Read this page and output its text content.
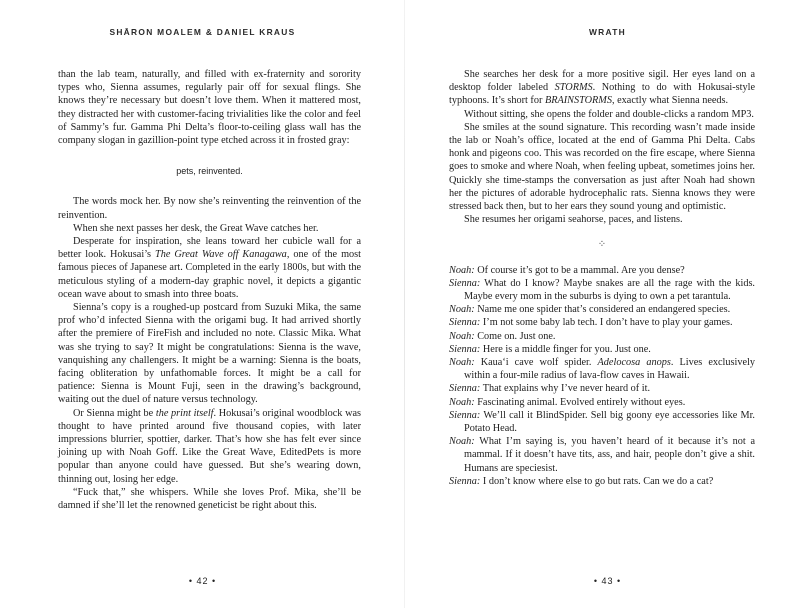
SHĀRON MOALEM & DANIEL KRAUS

than the lab team, naturally, and filled with ex-fraternity and sorority types who, Sienna assumes, regularly pair off for sexual flings. She knows they’re necessary but doesn’t love them. When it mattered most, they distracted her with customer-facing trivialities like the color and feel of Sammy’s fur. Gamma Phi Delta’s floor-to-ceiling glass wall has the company slogan in gazillion-point type etched across it in frosted gray:

pets, reinvented.

The words mock her. By now she’s reinventing the reinvention of the reinvention.

When she next passes her desk, the Great Wave catches her.

Desperate for inspiration, she leans toward her cubicle wall for a better look. Hokusai’s The Great Wave off Kanagawa, one of the most famous pieces of Japanese art. Completed in the early 1800s, but with the meticulous styling of a modern-day graphic novel, it depicts a gigantic ocean wave about to smash into three boats.

Sienna’s copy is a roughed-up postcard from Suzuki Mika, the same prof who’d infected Sienna with the origami bug. It had arrived shortly after the premiere of FireFish and included no note. Classic Mika. What was she trying to say? It might be congratulations: Sienna is the wave, vanquishing any challengers. It might be a warning: Sienna is the boats, facing obliteration by unfathomable forces. It might be a call for patience: Sienna is Mount Fuji, seen in the drawing’s background, waiting out the duel of nature versus technology.

Or Sienna might be the print itself. Hokusai’s original woodblock was thought to have printed around five thousand copies, with later impressions blurrier, spottier, darker. That’s how she has felt ever since joining up with Noah Goff. Like the Great Wave, EditedPets is more popular than anyone could have guessed. But she’s wearing down, thinning out, losing her edge.

“Fuck that,” she whispers. While she loves Prof. Mika, she’ll be damned if she’ll let the renowned geneticist be right about this.

• 42 •
WRATH

She searches her desk for a more positive sigil. Her eyes land on a desktop folder labeled STORMS. Nothing to do with Hokusai-style typhoons. It’s short for BRAINSTORMS, exactly what Sienna needs.

Without sitting, she opens the folder and double-clicks a random MP3.

She smiles at the sound signature. This recording wasn’t made inside the lab or Noah’s office, located at the end of Gamma Phi Delta. Cabs honk and pigeons coo. This was recorded on the fire escape, where Sienna goes to smoke and where Noah, when feeling upbeat, sometimes joins her. Quickly she time-stamps the conversation as just after Noah had shown her the pictures of adorable hydrocephalic rats. Sienna knows they were stressed back then, but to her ears they sound young and optimistic.

She resumes her origami seahorse, paces, and listens.

⁘

Noah: Of course it’s got to be a mammal. Are you dense?

Sienna: What do I know? Maybe snakes are all the rage with the kids. Maybe every mom in the suburbs is dying to own a pet tarantula.

Noah: Name me one spider that’s considered an endangered species.

Sienna: I’m not some baby lab tech. I don’t have to play your games.

Noah: Come on. Just one.

Sienna: Here is a middle finger for you. Just one.

Noah: Kaua‘i cave wolf spider. Adelocosa anops. Lives exclusively within a four-mile radius of lava-flow caves in Hawaii.

Sienna: That explains why I’ve never heard of it.

Noah: Fascinating animal. Evolved entirely without eyes.

Sienna: We’ll call it BlindSpider. Sell big goony eye accessories like Mr. Potato Head.

Noah: What I’m saying is, you haven’t heard of it because it’s not a mammal. If it doesn’t have tits, ass, and hair, people don’t give a shit. Humans are speciesist.

Sienna: I don’t know where else to go but rats. Can we do a cat?

• 43 •
